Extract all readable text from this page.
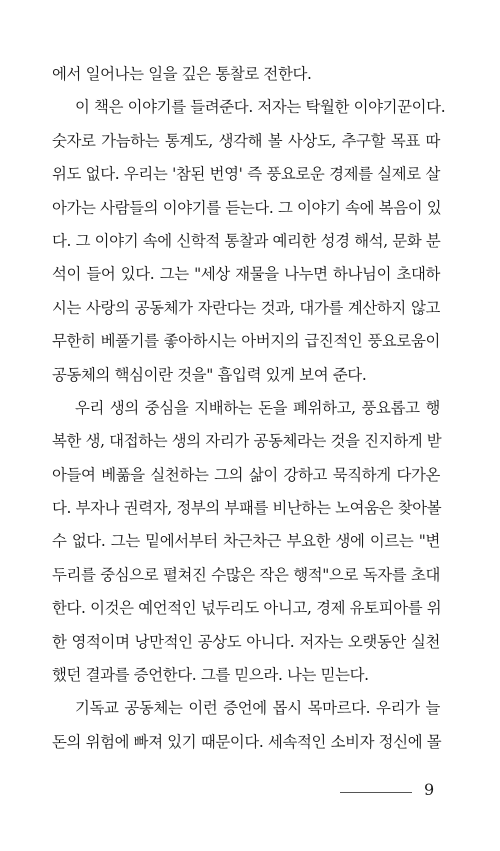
에서 일어나는 일을 깊은 통찰로 전한다.
이 책은 이야기를 들려준다. 저자는 탁월한 이야기꾼이다.
숫자로 가늠하는 통계도, 생각해 볼 사상도, 추구할 목표 따
위도 없다. 우리는 '참된 번영' 즉 풍요로운 경제를 실제로 살
아가는 사람들의 이야기를 듣는다. 그 이야기 속에 복음이 있
다. 그 이야기 속에 신학적 통찰과 예리한 성경 해석, 문화 분
석이 들어 있다. 그는 "세상 재물을 나누면 하나님이 초대하
시는 사랑의 공동체가 자란다는 것과, 대가를 계산하지 않고
무한히 베풀기를 좋아하시는 아버지의 급진적인 풍요로움이
공동체의 핵심이란 것을" 흡입력 있게 보여 준다.
우리 생의 중심을 지배하는 돈을 폐위하고, 풍요롭고 행
복한 생, 대접하는 생의 자리가 공동체라는 것을 진지하게 받
아들여 베풂을 실천하는 그의 삶이 강하고 묵직하게 다가온
다. 부자나 권력자, 정부의 부패를 비난하는 노여움은 찾아볼
수 없다. 그는 밑에서부터 차근차근 부요한 생에 이르는 "변
두리를 중심으로 펼쳐진 수많은 작은 행적"으로 독자를 초대
한다. 이것은 예언적인 넋두리도 아니고, 경제 유토피아를 위
한 영적이며 낭만적인 공상도 아니다. 저자는 오랫동안 실천
했던 결과를 증언한다. 그를 믿으라. 나는 믿는다.
기독교 공동체는 이런 증언에 몹시 목마르다. 우리가 늘
돈의 위험에 빠져 있기 때문이다. 세속적인 소비자 정신에 몰
9
